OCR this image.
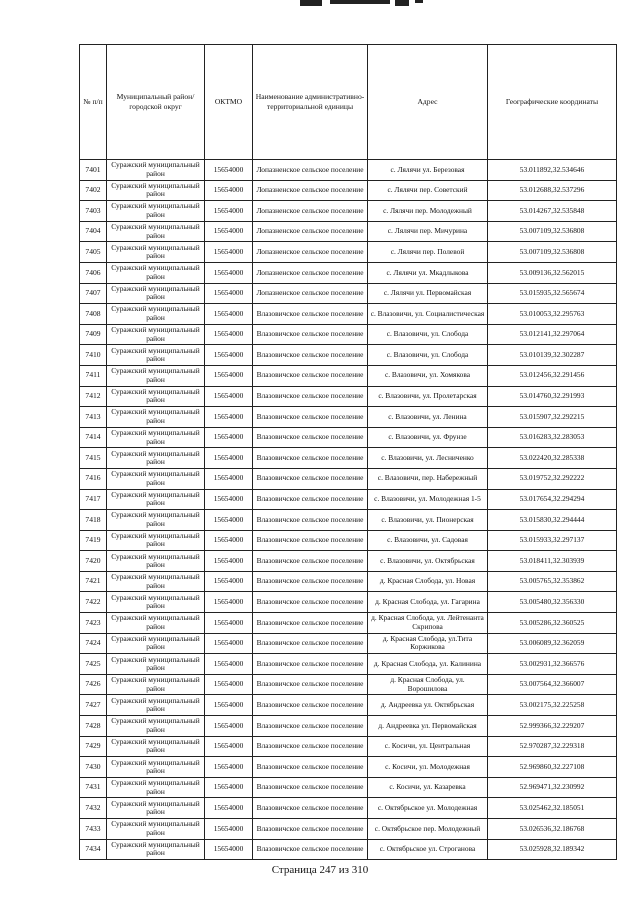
№ п/п	Муниципальный район/городской округ	ОКТМО	Наименование административно-территориальной единицы	Адрес	Географические координаты
7401	Суражский муниципальный район	15654000	Лопазненское сельское поселение	с. Лялячи ул. Березовая	53.011892,32.534646
7402	Суражский муниципальный район	15654000	Лопазненское сельское поселение	с. Лялячи пер. Советский	53.012688,32.537296
7403	Суражский муниципальный район	15654000	Лопазненское сельское поселение	с. Лялячи пер. Молодежный	53.014267,32.535848
7404	Суражский муниципальный район	15654000	Лопазненское сельское поселение	с. Лялячи пер. Мичурина	53.007109,32.536808
7405	Суражский муниципальный район	15654000	Лопазненское сельское поселение	с. Лялячи пер. Полевой	53.007109,32.536808
7406	Суражский муниципальный район	15654000	Лопазненское сельское поселение	с. Лялячи ул. Мкадлыкова	53.009136,32.562015
7407	Суражский муниципальный район	15654000	Лопазненское сельское поселение	с. Лялячи ул. Первомайская	53.015935,32.565674
7408	Суражский муниципальный район	15654000	Влазовичское сельское поселение	с. Влазовичи, ул. Социалистическая	53.010053,32.295763
7409	Суражский муниципальный район	15654000	Влазовичское сельское поселение	с. Влазовичи, ул. Слобода	53.012141,32.297064
7410	Суражский муниципальный район	15654000	Влазовичское сельское поселение	с. Влазовичи, ул. Слобода	53.010139,32.302287
7411	Суражский муниципальный район	15654000	Влазовичское сельское поселение	с. Влазовичи, ул. Хомякова	53.012456,32.291456
7412	Суражский муниципальный район	15654000	Влазовичское сельское поселение	с. Влазовичи, ул. Пролетарская	53.014760,32.291993
7413	Суражский муниципальный район	15654000	Влазовичское сельское поселение	с. Влазовичи, ул. Ленина	53.015907,32.292215
7414	Суражский муниципальный район	15654000	Влазовичское сельское поселение	с. Влазовичи, ул. Фрунзе	53.016283,32.283053
7415	Суражский муниципальный район	15654000	Влазовичское сельское поселение	с. Влазовичи, ул. Лесниченко	53.022420,32.285338
7416	Суражский муниципальный район	15654000	Влазовичское сельское поселение	с. Влазовичи, пер. Набережный	53.019752,32.292222
7417	Суражский муниципальный район	15654000	Влазовичское сельское поселение	с. Влазовичи, ул. Молодежная 1-5	53.017654,32.294294
7418	Суражский муниципальный район	15654000	Влазовичское сельское поселение	с. Влазовичи, ул. Пионерская	53.015830,32.294444
7419	Суражский муниципальный район	15654000	Влазовичское сельское поселение	с. Влазовичи, ул. Садовая	53.015933,32.297137
7420	Суражский муниципальный район	15654000	Влазовичское сельское поселение	с. Влазовичи, ул. Октябрьская	53.018411,32.303939
7421	Суражский муниципальный район	15654000	Влазовичское сельское поселение	д. Красная Слобода, ул. Новая	53.005765,32.353862
7422	Суражский муниципальный район	15654000	Влазовичское сельское поселение	д. Красная Слобода, ул. Гагарина	53.005480,32.356330
7423	Суражский муниципальный район	15654000	Влазовичское сельское поселение	д. Красная Слобода, ул. Лейтенанта Скрипова	53.005286,32.360525
7424	Суражский муниципальный район	15654000	Влазовичское сельское поселение	д. Красная Слобода, ул.Тита Коржикова	53.006089,32.362059
7425	Суражский муниципальный район	15654000	Влазовичское сельское поселение	д. Красная Слобода, ул. Калинина	53.002931,32.366576
7426	Суражский муниципальный район	15654000	Влазовичское сельское поселение	д. Красная Слобода, ул. Ворошилова	53.007564,32.366007
7427	Суражский муниципальный район	15654000	Влазовичское сельское поселение	д. Андреевка ул. Октябрьская	53.002175,32.225258
7428	Суражский муниципальный район	15654000	Влазовичское сельское поселение	д. Андреевка ул. Первомайская	52.999366,32.229207
7429	Суражский муниципальный район	15654000	Влазовичское сельское поселение	с. Косичи, ул. Центральная	52.970287,32.229318
7430	Суражский муниципальный район	15654000	Влазовичское сельское поселение	с. Косичи, ул. Молодежная	52.969860,32.227108
7431	Суражский муниципальный район	15654000	Влазовичское сельское поселение	с. Косичи, ул. Казаревка	52.969471,32.230992
7432	Суражский муниципальный район	15654000	Влазовичское сельское поселение	с. Октябрьское ул. Молодежная	53.025462,32.185051
7433	Суражский муниципальный район	15654000	Влазовичское сельское поселение	с. Октябрьское пер. Молодежный	53.026536,32.186768
7434	Суражский муниципальный район	15654000	Влазовичское сельское поселение	с. Октябрьское ул. Строганова	53.025928,32.189342
Страница 247 из 310
